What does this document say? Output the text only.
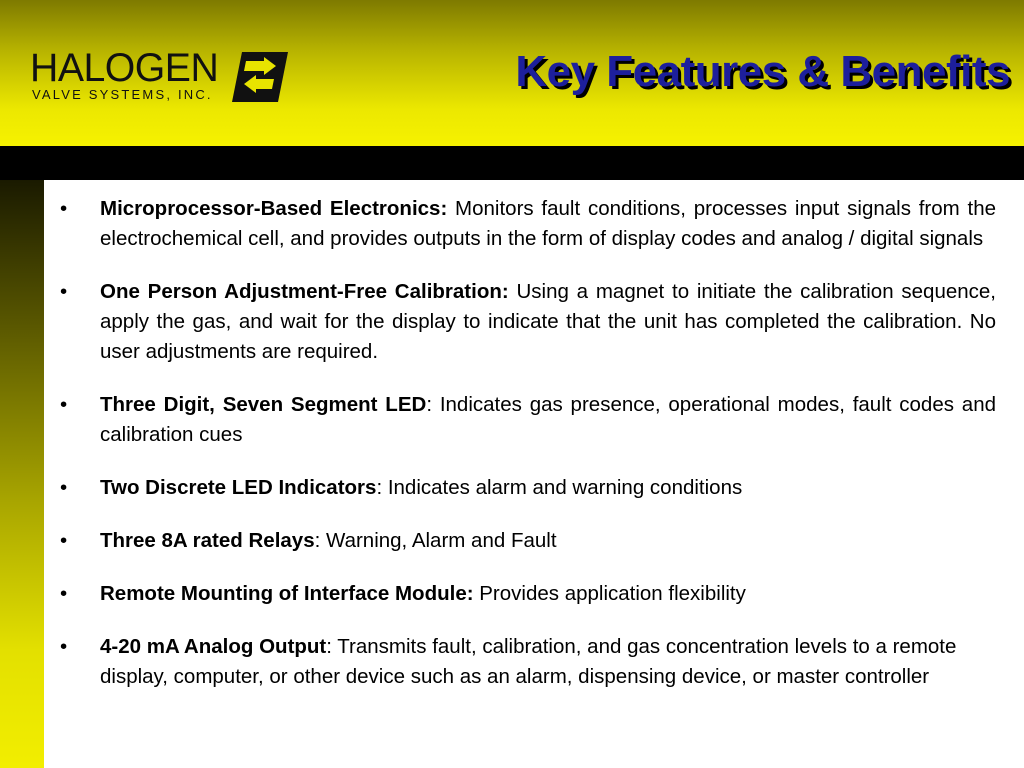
HALOGEN
VALVE SYSTEMS, INC.	Key Features & Benefits
• Microprocessor-Based Electronics: Monitors fault conditions, processes input signals from the electrochemical cell, and provides outputs in the form of display codes and analog / digital signals
• One Person Adjustment-Free Calibration: Using a magnet to initiate the calibration sequence, apply the gas, and wait for the display to indicate that the unit has completed the calibration. No user adjustments are required.
• Three Digit, Seven Segment LED: Indicates gas presence, operational modes, fault codes and calibration cues
• Two Discrete LED Indicators: Indicates alarm and warning conditions
• Three 8A rated Relays: Warning, Alarm and Fault
• Remote Mounting of Interface Module: Provides application flexibility
• 4-20 mA Analog Output: Transmits fault, calibration, and gas concentration levels to a remote display, computer, or other device such as an alarm, dispensing device, or master controller
